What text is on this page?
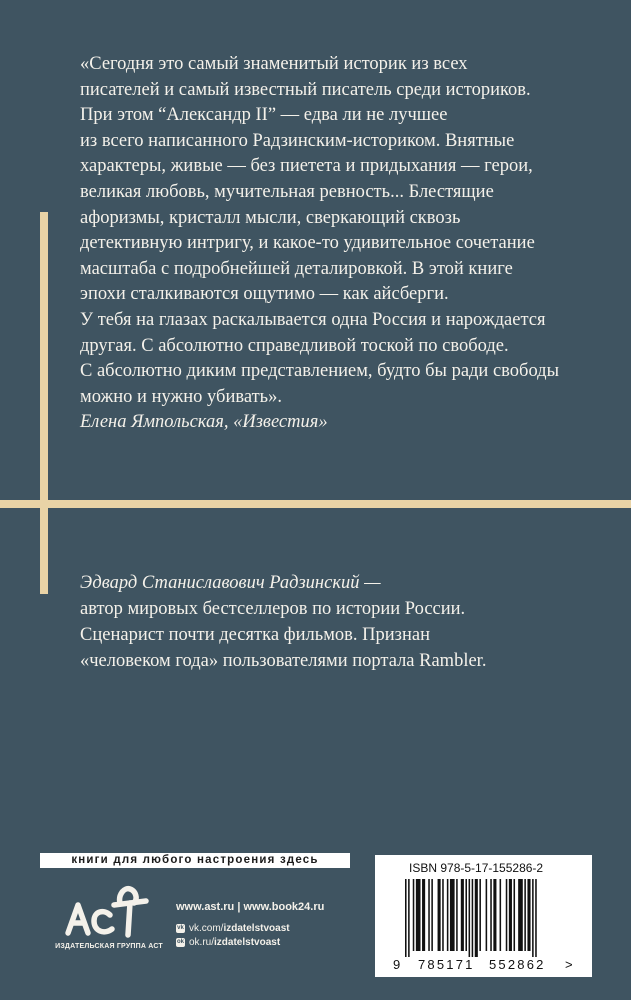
«Сегодня это самый знаменитый историк из всех
писателей и самый известный писатель среди историков.
При этом “Александр II” — едва ли не лучшее
из всего написанного Радзинским-историком. Внятные
характеры, живые — без пиетета и придыхания — герои,
великая любовь, мучительная ревность... Блестящие
афоризмы, кристалл мысли, сверкающий сквозь
детективную интригу, и какое-то удивительное сочетание
масштаба с подробнейшей деталировкой. В этой книге
эпохи сталкиваются ощутимо — как айсберги.
У тебя на глазах раскалывается одна Россия и нарождается
другая. С абсолютно справедливой тоской по свободе.
С абсолютно диким представлением, будто бы ради свободы
можно и нужно убивать».
Елена Ямпольская, «Известия»
Эдвард Станиславович Радзинский —
автор мировых бестселлеров по истории России.
Сценарист почти десятка фильмов. Признан
«человеком года» пользователями портала Rambler.
книги для любого настроения здесь
ИЗДАТЕЛЬСКАЯ ГРУППА АСТ
www.ast.ru | www.book24.ru
vk vk.com/ izdatelstvoast
ok ok.ru/ izdatelstvoast
ISBN 978-5-17-155286-2
9 785171 552862 >
